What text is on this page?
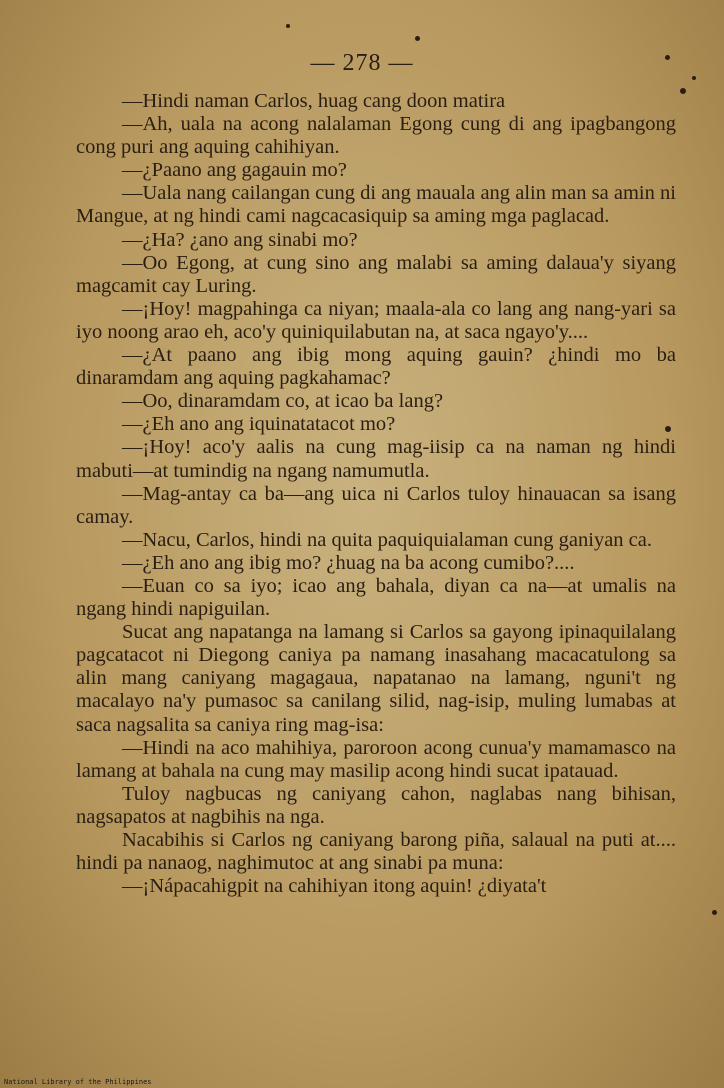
— 278 —

—Hindi naman Carlos, huag cang doon matira

—Ah, uala na acong nalalaman Egong cung di ang ipagbangong cong puri ang aquing cahihiyan.

—¿Paano ang gagauin mo?

—Uala nang cailangan cung di ang mauala ang alin man sa amin ni Mangue, at ng hindi cami nagcacasiquip sa aming mga paglacad.

—¿Ha? ¿ano ang sinabi mo?

—Oo Egong, at cung sino ang malabi sa aming dalaua'y siyang magcamit cay Luring.

—¡Hoy! magpahinga ca niyan; maala-ala co lang ang nang-yari sa iyo noong arao eh, aco'y quiniquilabutan na, at saca ngayo'y....

—¿At paano ang ibig mong aquing gauin? ¿hindi mo ba dinaramdam ang aquing pagkahamac?

—Oo, dinaramdam co, at icao ba lang?

—¿Eh ano ang iquinatatacot mo?

—¡Hoy! aco'y aalis na cung mag-iisip ca na naman ng hindi mabuti—at tumindig na ngang namumutla.

—Mag-antay ca ba—ang uica ni Carlos tuloy hinauacan sa isang camay.

—Nacu, Carlos, hindi na quita paquiquialaman cung ganiyan ca.

—¿Eh ano ang ibig mo? ¿huag na ba acong cumibo?....

—Euan co sa iyo; icao ang bahala, diyan ca na—at umalis na ngang hindi napiguilan.

Sucat ang napatanga na lamang si Carlos sa gayong ipinaquilalang pagcatacot ni Diegong caniya pa namang inasahang macacatulong sa alin mang caniyang magagaua, napatanao na lamang, nguni't ng macalayo na'y pumasoc sa canilang silid, nag-isip, muling lumabas at saca nagsalita sa caniya ring mag-isa:

—Hindi na aco mahihiya, paroroon acong cunua'y mamamasco na lamang at bahala na cung may masilip acong hindi sucat ipatauad.

Tuloy nagbucas ng caniyang cahon, naglabas nang bihisan, nagsapatos at nagbihis na nga.

Nacabihis si Carlos ng caniyang barong piña, salaual na puti at.... hindi pa nanaog, naghimutoc at ang sinabi pa muna:

—¡Nápacahigpit na cahihiyan itong aquin! ¿diyata't

National Library of the Philippines
